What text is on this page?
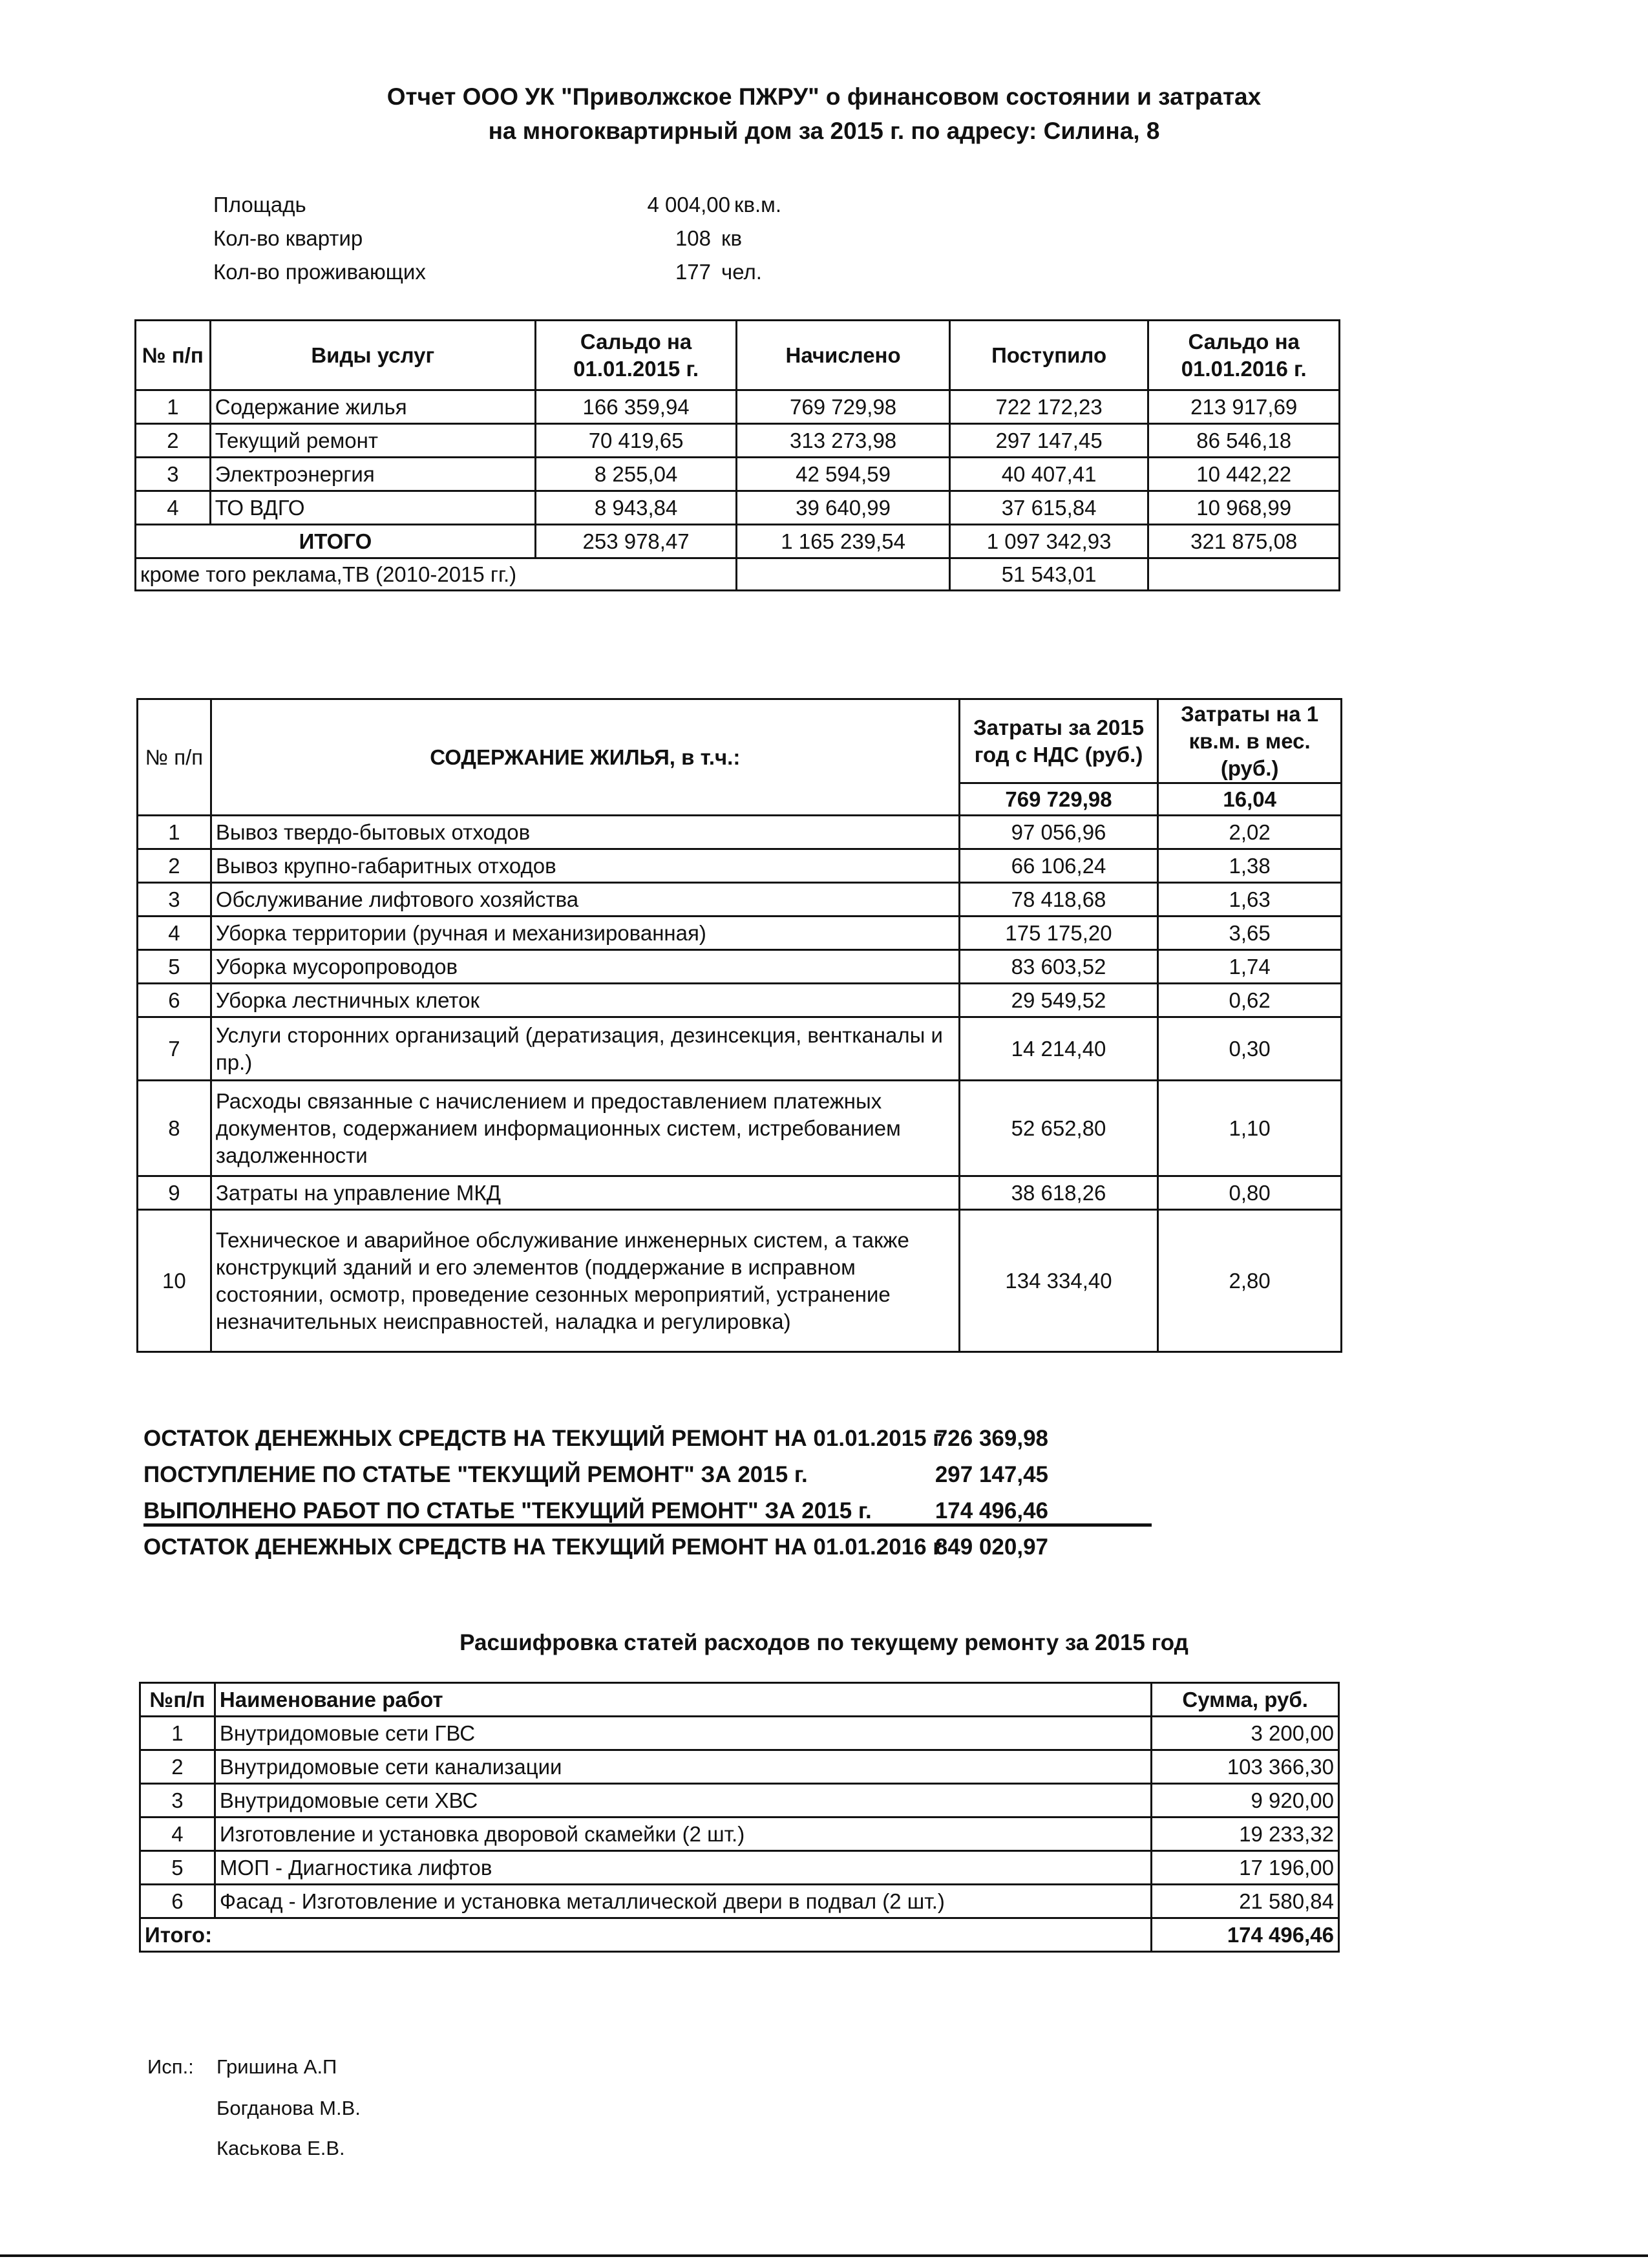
Отчет ООО УК "Приволжское ПЖРУ" о финансовом состоянии и затратах
на многоквартирный дом за 2015 г. по адресу: Силина, 8
Площадь	4 004,00 кв.м.
Кол-во квартир	108 кв
Кол-во проживающих	177 чел.
№ п/п	Виды услуг	Сальдо на 01.01.2015 г.	Начислено	Поступило	Сальдо на 01.01.2016 г.
1	Содержание жилья	166 359,94	769 729,98	722 172,23	213 917,69
2	Текущий ремонт	70 419,65	313 273,98	297 147,45	86 546,18
3	Электроэнергия	8 255,04	42 594,59	40 407,41	10 442,22
4	ТО ВДГО	8 943,84	39 640,99	37 615,84	10 968,99
ИТОГО		253 978,47	1 165 239,54	1 097 342,93	321 875,08
кроме того реклама,ТВ (2010-2015 гг.)				51 543,01	
№ п/п	СОДЕРЖАНИЕ ЖИЛЬЯ, в т.ч.:	Затраты за 2015 год с НДС (руб.)	Затраты на 1 кв.м. в мес. (руб.)
		769 729,98	16,04
1	Вывоз твердо-бытовых отходов	97 056,96	2,02
2	Вывоз крупно-габаритных отходов	66 106,24	1,38
3	Обслуживание лифтового хозяйства	78 418,68	1,63
4	Уборка территории (ручная и механизированная)	175 175,20	3,65
5	Уборка мусоропроводов	83 603,52	1,74
6	Уборка лестничных клеток	29 549,52	0,62
7	Услуги сторонних организаций (дератизация, дезинсекция, вентканалы и пр.)	14 214,40	0,30
8	Расходы связанные с начислением и предоставлением платежных документов, содержанием информационных систем, истребованием задолженности	52 652,80	1,10
9	Затраты на управление МКД	38 618,26	0,80
10	Техническое и аварийное обслуживание инженерных систем, а также конструкций зданий и его элементов (поддержание в исправном состоянии, осмотр, проведение сезонных мероприятий, устранение незначительных неисправностей, наладка и регулировка)	134 334,40	2,80
ОСТАТОК ДЕНЕЖНЫХ СРЕДСТВ НА ТЕКУЩИЙ РЕМОНТ НА 01.01.2015 г
726 369,98
ПОСТУПЛЕНИЕ ПО СТАТЬЕ "ТЕКУЩИЙ РЕМОНТ" ЗА 2015 г.	297 147,45
ВЫПОЛНЕНО РАБОТ ПО СТАТЬЕ "ТЕКУЩИЙ РЕМОНТ" ЗА 2015 г.	174 496,46
ОСТАТОК ДЕНЕЖНЫХ СРЕДСТВ НА ТЕКУЩИЙ РЕМОНТ НА 01.01.2016 г
849 020,97
Расшифровка статей расходов по текущему ремонту за 2015 год
№п/п	Наименование работ	Сумма, руб.
1	Внутридомовые сети ГВС	3 200,00
2	Внутридомовые сети канализации	103 366,30
3	Внутридомовые сети ХВС	9 920,00
4	Изготовление и установка дворовой скамейки (2 шт.)	19 233,32
5	МОП - Диагностика лифтов	17 196,00
6	Фасад - Изготовление и установка металлической двери в подвал (2 шт.)	21 580,84
Итого:		174 496,46
Исп.: Гришина А.П
Богданова М.В.
Каськова Е.В.
